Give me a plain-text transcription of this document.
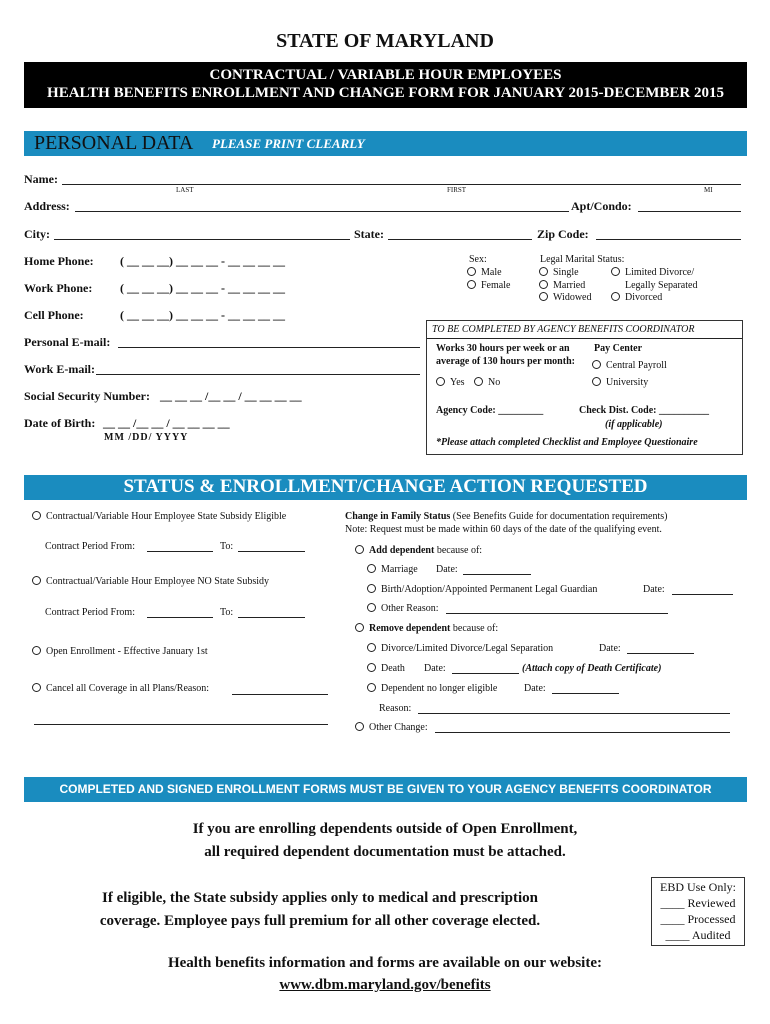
STATE OF MARYLAND
CONTRACTUAL / VARIABLE HOUR EMPLOYEES
HEALTH BENEFITS ENROLLMENT AND CHANGE FORM FOR JANUARY 2015-DECEMBER 2015
PERSONAL DATA PLEASE PRINT CLEARLY
Name:
LAST	FIRST	MI
Address:	Apt/Condo:
City:	State:	Zip Code:
Home Phone: ( __ __ __) __ __ __ - __ __ __ __
Work Phone: ( __ __ __) __ __ __ - __ __ __ __
Cell Phone:	( __ __ __) __ __ __ - __ __ __ __
Sex:
Male
Female
Legal Marital Status:
Single
Married
Widowed
Limited Divorce/
Legally Separated
Divorced
Personal E-mail:
Work E-mail:
Social Security Number: __ __ __ /__ __ / __ __ __ __
Date of Birth: __ __ /__ __ / __ __ __ __
MM /DD/ YYYY
TO BE COMPLETED BY AGENCY BENEFITS COORDINATOR
Works 30 hours per week or an
average of 130 hours per month:
Yes	No
Pay Center
Central Payroll
University
Agency Code: _________	Check Dist. Code: __________
(if applicable)
*Please attach completed Checklist and Employee Questionaire
STATUS & ENROLLMENT/CHANGE ACTION REQUESTED
Contractual/Variable Hour Employee State Subsidy Eligible
Contract Period From:	To:
Contractual/Variable Hour Employee NO State Subsidy
Contract Period From:	To:
Open Enrollment - Effective January 1st
Cancel all Coverage in all Plans/Reason:
Change in Family Status (See Benefits Guide for documentation requirements)
Note: Request must be made within 60 days of the date of the qualifying event.
Add dependent because of:
Marriage Date:
Birth/Adoption/Appointed Permanent Legal Guardian	Date:
Other Reason:
Remove dependent because of:
Divorce/Limited Divorce/Legal Separation	Date:
Death Date:	(Attach copy of Death Certificate)
Dependent no longer eligible	Date:
Reason:
Other Change:
COMPLETED AND SIGNED ENROLLMENT FORMS MUST BE GIVEN TO YOUR AGENCY BENEFITS COORDINATOR
If you are enrolling dependents outside of Open Enrollment,
all required dependent documentation must be attached.
If eligible, the State subsidy applies only to medical and prescription
coverage. Employee pays full premium for all other coverage elected.
Health benefits information and forms are available on our website:
www.dbm.maryland.gov/benefits
EBD Use Only:
____ Reviewed
____ Processed
____ Audited
